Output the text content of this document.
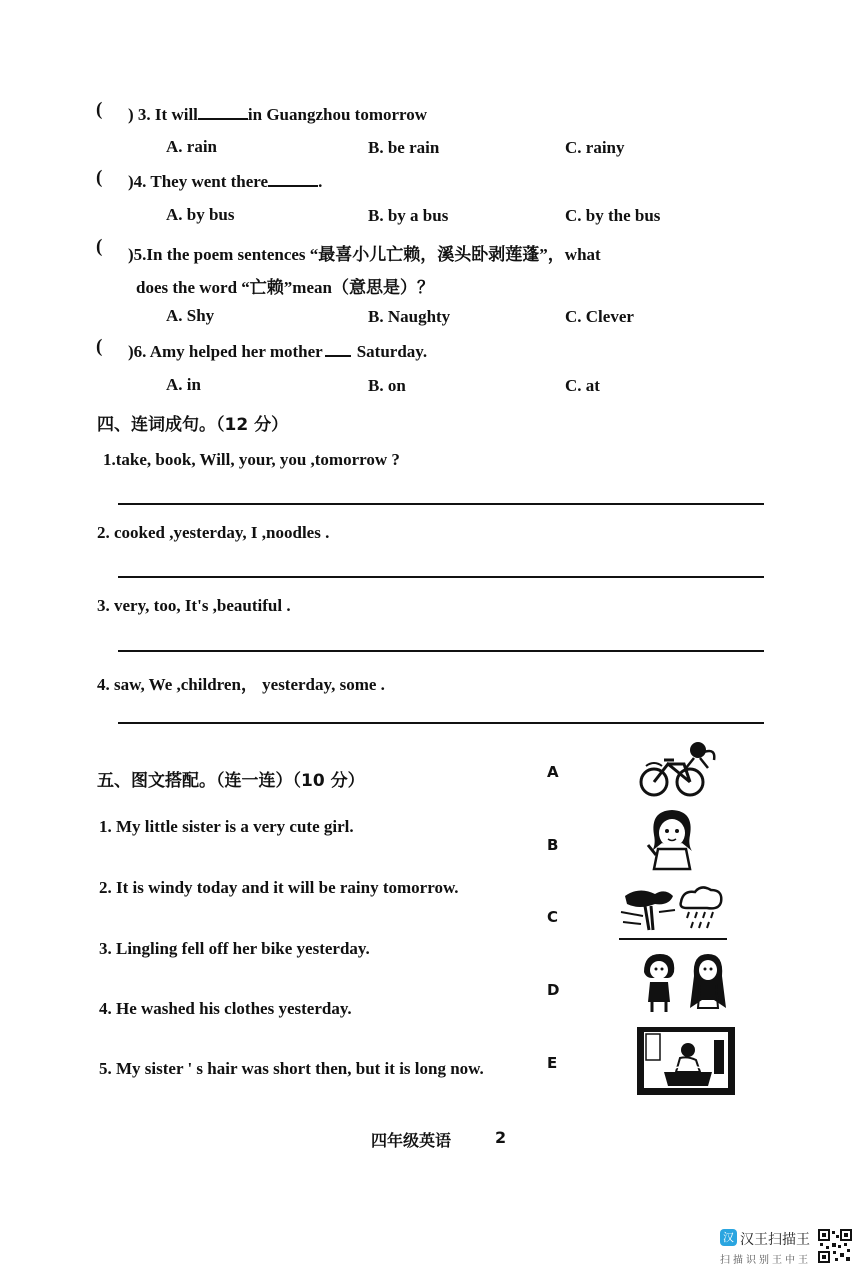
( ) 3. It will	in Guangzhou tomorrow
A. rain	B. be rain	C. rainy
( )4. They went there	.
A. by bus	B. by a bus	C. by the bus
( )5.In the poem sentences “最喜小儿亡赖，溪头卧剥莲蓬”，what
does the word “亡赖”mean（意思是）？
A. Shy	B. Naughty	C. Clever
( )6. Amy helped her mother Saturday.
A. in	B. on	C. at
四、连词成句。（12 分）
1.take, book, Will, your, you ,tomorrow ?
2. cooked ,yesterday, I ,noodles .
3. very, too, It's ,beautiful .
4. saw, We ,children， yesterday, some .
五、图文搭配。（连一连）（10 分）
1. My little sister is a very cute girl.
2. It is windy today and it will be rainy tomorrow.
3. Lingling fell off her bike yesterday.
4. He washed his clothes yesterday.
5. My sister ' s hair was short then, but it is long now.
A
B
C
D
E
四年级英语	2
汉 汉王扫描王
扫描识别王中王
